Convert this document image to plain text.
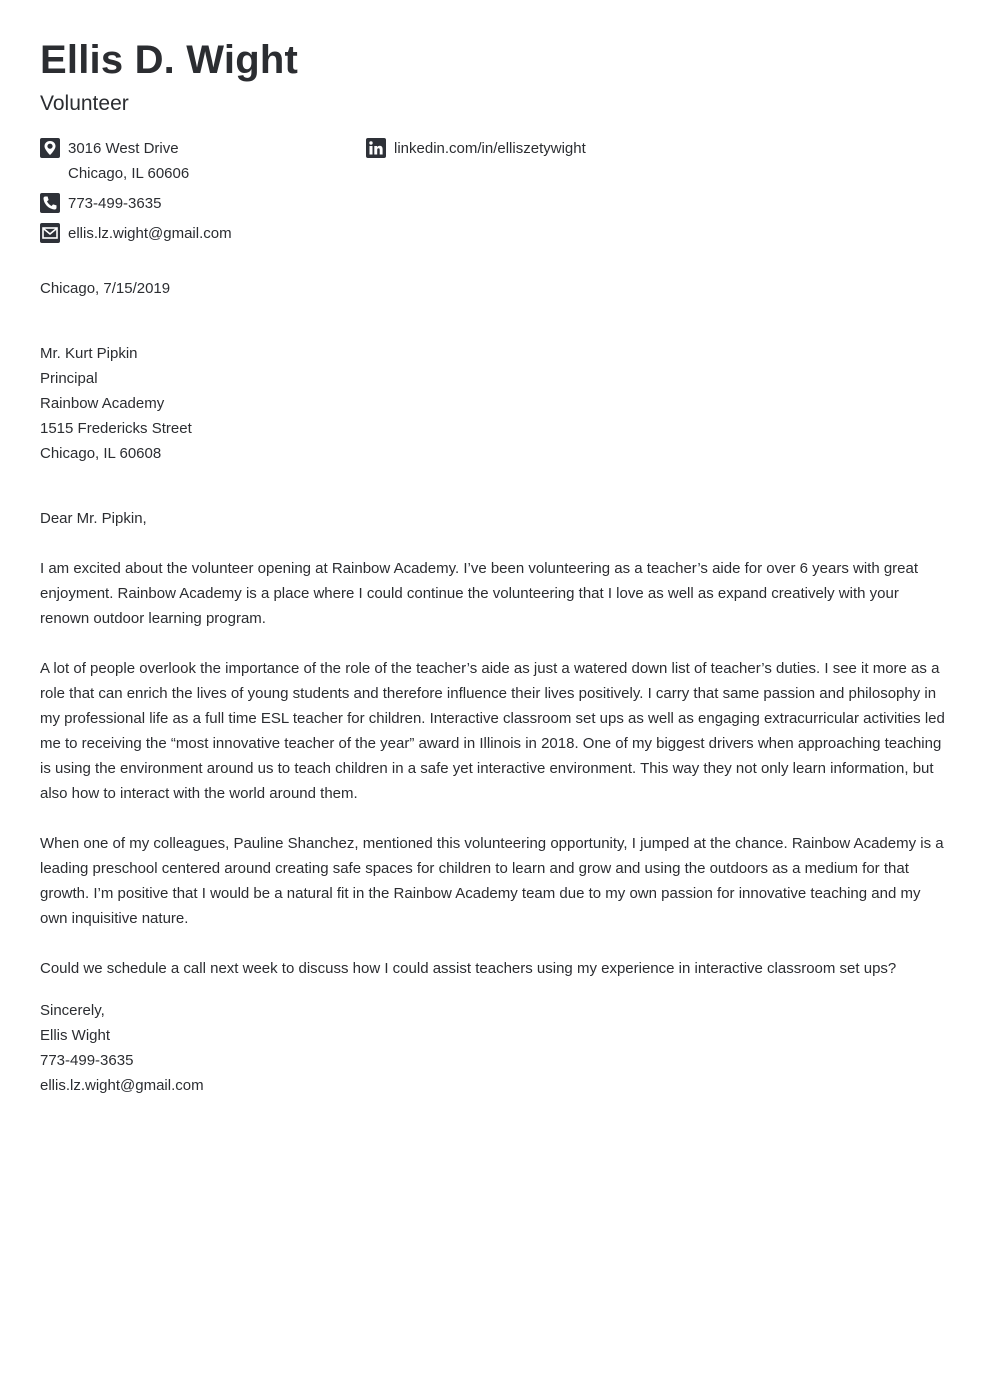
Ellis D. Wight
Volunteer
3016 West Drive
Chicago, IL 60606
773-499-3635
ellis.lz.wight@gmail.com
linkedin.com/in/elliszetywight
Chicago, 7/15/2019
Mr. Kurt Pipkin
Principal
Rainbow Academy
1515 Fredericks Street
Chicago, IL 60608
Dear Mr. Pipkin,

I am excited about the volunteer opening at Rainbow Academy. I’ve been volunteering as a teacher’s aide for over 6 years with great enjoyment. Rainbow Academy is a place where I could continue the volunteering that I love as well as expand creatively with your renown outdoor learning program.

A lot of people overlook the importance of the role of the teacher’s aide as just a watered down list of teacher’s duties. I see it more as a role that can enrich the lives of young students and therefore influence their lives positively. I carry that same passion and philosophy in my professional life as a full time ESL teacher for children. Interactive classroom set ups as well as engaging extracurricular activities led me to receiving the “most innovative teacher of the year” award in Illinois in 2018. One of my biggest drivers when approaching teaching is using the environment around us to teach children in a safe yet interactive environment. This way they not only learn information, but also how to interact with the world around them.

When one of my colleagues, Pauline Shanchez, mentioned this volunteering opportunity, I jumped at the chance. Rainbow Academy is a leading preschool centered around creating safe spaces for children to learn and grow and using the outdoors as a medium for that growth. I’m positive that I would be a natural fit in the Rainbow Academy team due to my own passion for innovative teaching and my own inquisitive nature.

Could we schedule a call next week to discuss how I could assist teachers using my experience in interactive classroom set ups?

Sincerely,
Ellis Wight
773-499-3635
ellis.lz.wight@gmail.com
